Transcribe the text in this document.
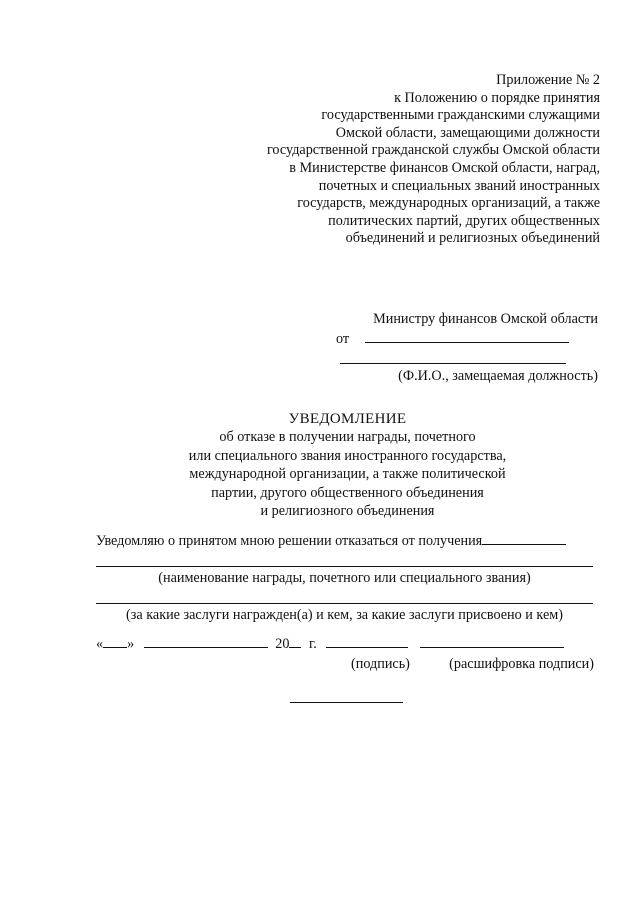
Приложение № 2
к Положению о порядке принятия
государственными гражданскими служащими
Омской области, замещающими должности
государственной гражданской службы Омской области
в Министерстве финансов Омской области, наград,
почетных и специальных званий иностранных
государств, международных организаций, а также
политических партий, других общественных
объединений и религиозных объединений
Министру финансов Омской области
от
(Ф.И.О., замещаемая должность)
УВЕДОМЛЕНИЕ
об отказе в получении награды, почетного
или специального звания иностранного государства,
международной организации, а также политической
партии, другого общественного объединения
и религиозного объединения
Уведомляю о принятом мною решении отказаться от получения
(наименование награды, почетного или специального звания)
(за какие заслуги награжден(а) и кем, за какие заслуги присвоено и кем)
« »	20 г.
(подпись)	(расшифровка подписи)
